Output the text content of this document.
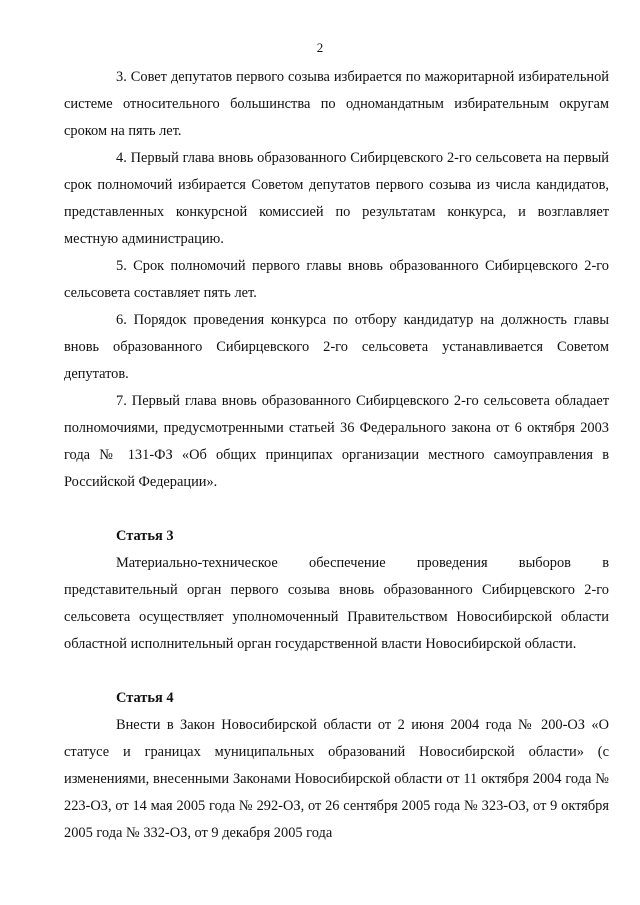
2

3. Совет депутатов первого созыва избирается по мажоритарной избирательной системе относительного большинства по одномандатным избирательным округам сроком на пять лет.

4. Первый глава вновь образованного Сибирцевского 2-го сельсовета на первый срок полномочий избирается Советом депутатов первого созыва из числа кандидатов, представленных конкурсной комиссией по результатам конкурса, и возглавляет местную администрацию.

5. Срок полномочий первого главы вновь образованного Сибирцевского 2-го сельсовета составляет пять лет.

6. Порядок проведения конкурса по отбору кандидатур на должность главы вновь образованного Сибирцевского 2-го сельсовета устанавливается Советом депутатов.

7. Первый глава вновь образованного Сибирцевского 2-го сельсовета обладает полномочиями, предусмотренными статьей 36 Федерального закона от 6 октября 2003 года № 131-ФЗ «Об общих принципах организации местного самоуправления в Российской Федерации».

Статья 3

Материально-техническое обеспечение проведения выборов в представительный орган первого созыва вновь образованного Сибирцевского 2-го сельсовета осуществляет уполномоченный Правительством Новосибирской области областной исполнительный орган государственной власти Новосибирской области.

Статья 4

Внести в Закон Новосибирской области от 2 июня 2004 года № 200-ОЗ «О статусе и границах муниципальных образований Новосибирской области» (с изменениями, внесенными Законами Новосибирской области от 11 октября 2004 года № 223-ОЗ, от 14 мая 2005 года № 292-ОЗ, от 26 сентября 2005 года № 323-ОЗ, от 9 октября 2005 года № 332-ОЗ, от 9 декабря 2005 года
